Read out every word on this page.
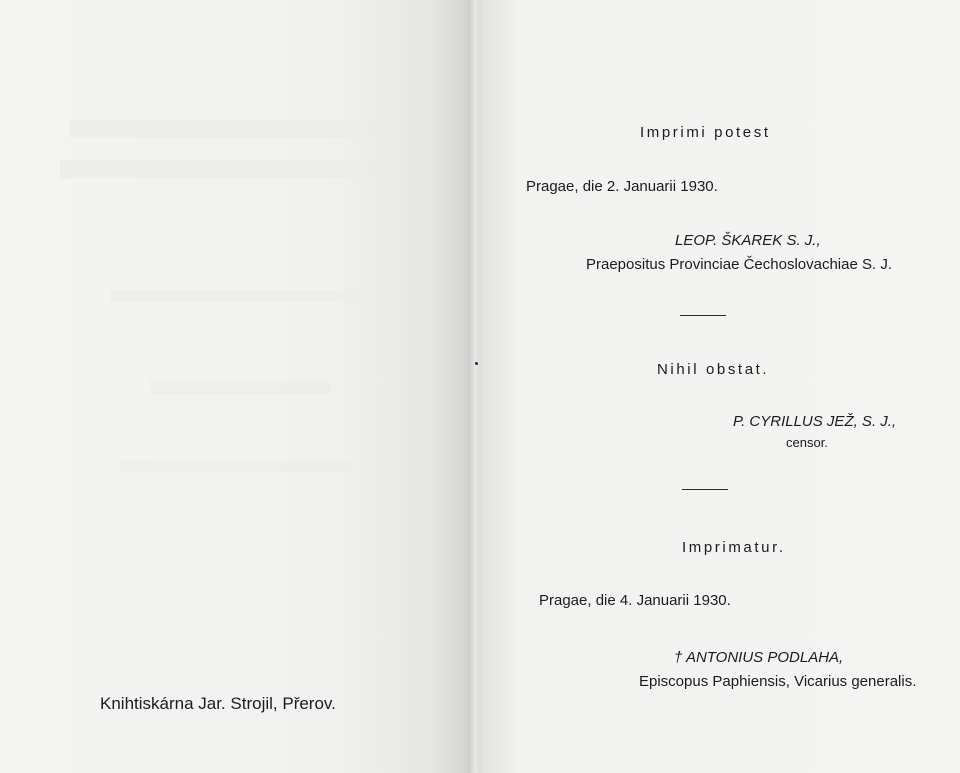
Knihtiskárna Jar. Strojil, Přerov.
Imprimi potest
Pragae, die 2. Januarii 1930.
LEOP. ŠKAREK S. J.,
Praepositus Provinciae Čechoslovachiae S. J.
Nihil obstat.
P. CYRILLUS JEŽ, S. J.,
censor.
Imprimatur.
Pragae, die 4. Januarii 1930.
† ANTONIUS PODLAHA,
Episcopus Paphiensis, Vicarius generalis.
